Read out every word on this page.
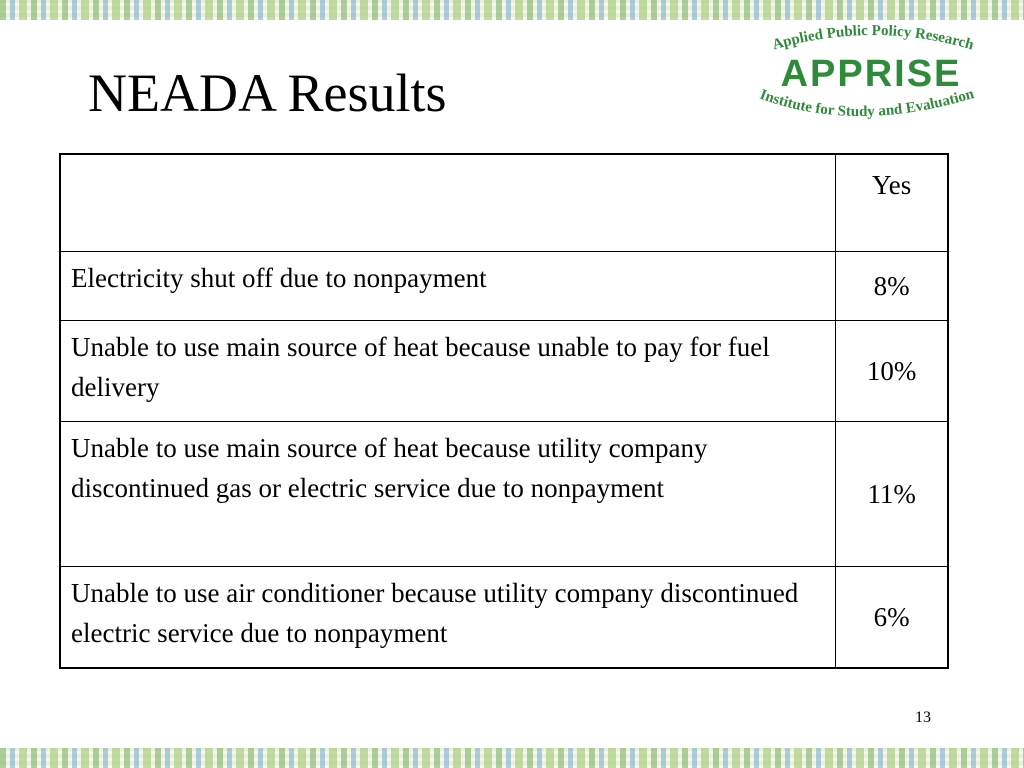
NEADA Results
Applied Public Policy Research
APPRISE
Institute for Study and Evaluation
	Yes
Electricity shut off due to nonpayment	8%
Unable to use main source of heat because unable to pay for fuel delivery	10%
Unable to use main source of heat because utility company discontinued gas or electric service due to nonpayment	11%
Unable to use air conditioner because utility company discontinued electric service due to nonpayment	6%
13
